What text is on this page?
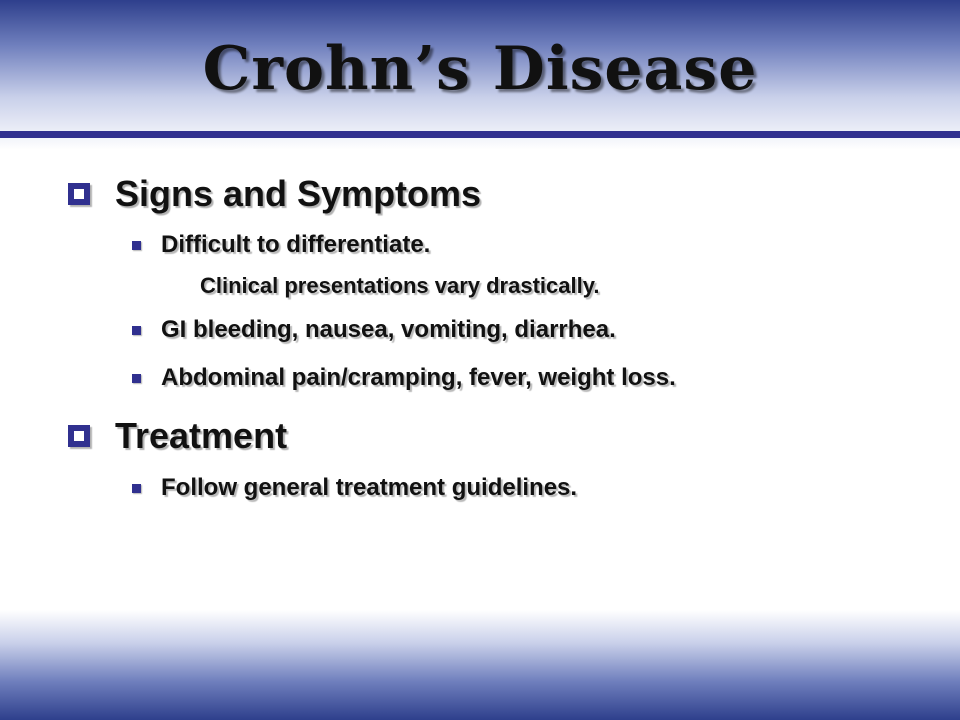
Crohn’s Disease
Signs and Symptoms
Difficult to differentiate.
Clinical presentations vary drastically.
GI bleeding, nausea, vomiting, diarrhea.
Abdominal pain/cramping, fever, weight loss.
Treatment
Follow general treatment guidelines.
